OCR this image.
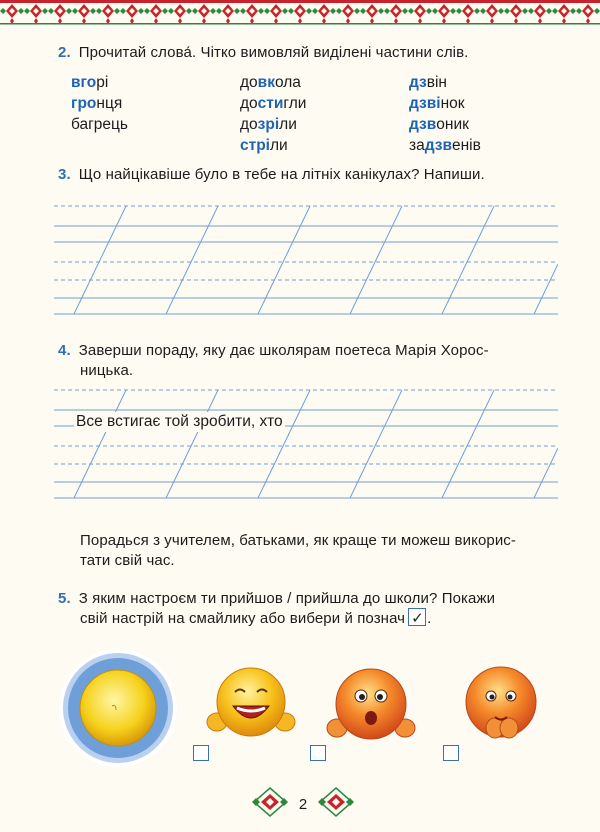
2. Прочитай слова́. Чітко вимовляй виділені частини слів.
вгорі
гронця
багрець
довкола
достигли
дозріли
стріли
дзвін
дзвінок
дзвоник
задзвенів
3. Що найцікавіше було в тебе на літніх канікулах? Напиши.
4. Заверши пораду, яку дає школярам поетеса Марія Хорос-
ницька.
Все встигає той зробити, хто
Порадься з учителем, батьками, як краще ти можеш викорис-
тати свій час.
5. З яким настроєм ти прийшов / прийшла до школи? Покажи
свій настрій на смайлику або вибери й познач ✓ .
2
